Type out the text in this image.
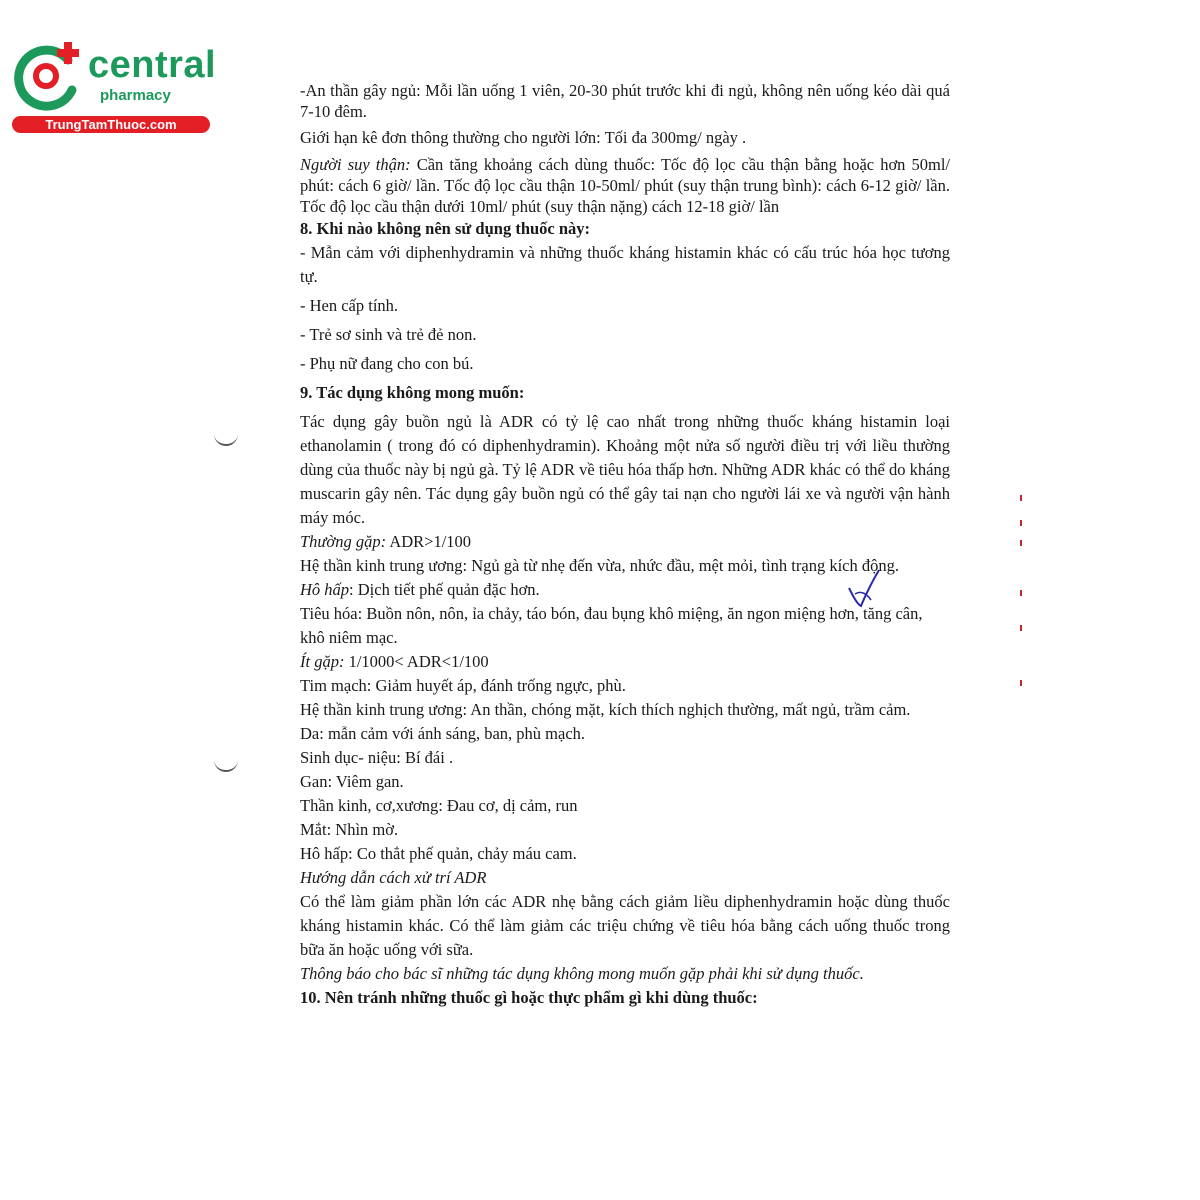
central
pharmacy
TrungTamThuoc.com

-An thần gây ngủ: Mỗi lần uống 1 viên, 20-30 phút trước khi đi ngủ, không nên uống kéo dài quá 7-10 đêm.

Giới hạn kê đơn thông thường cho người lớn: Tối đa 300mg/ ngày .

Người suy thận: Cần tăng khoảng cách dùng thuốc: Tốc độ lọc cầu thận bằng hoặc hơn 50ml/ phút: cách 6 giờ/ lần. Tốc độ lọc cầu thận 10-50ml/ phút (suy thận trung bình): cách 6-12 giờ/ lần. Tốc độ lọc cầu thận dưới 10ml/ phút (suy thận nặng) cách 12-18 giờ/ lần

8. Khi nào không nên sử dụng thuốc này:

- Mẫn cảm với diphenhydramin và những thuốc kháng histamin khác có cấu trúc hóa học tương tự.

- Hen cấp tính.

- Trẻ sơ sinh và trẻ đẻ non.

- Phụ nữ đang cho con bú.

9. Tác dụng không mong muốn:

Tác dụng gây buồn ngủ là ADR có tỷ lệ cao nhất trong những thuốc kháng histamin loại ethanolamin ( trong đó có diphenhydramin). Khoảng một nửa số người điều trị với liều thường dùng của thuốc này bị ngủ gà. Tỷ lệ ADR về tiêu hóa thấp hơn. Những ADR khác có thể do kháng muscarin gây nên. Tác dụng gây buồn ngủ có thể gây tai nạn cho người lái xe và người vận hành máy móc.

Thường gặp: ADR>1/100

Hệ thần kinh trung ương: Ngủ gà từ nhẹ đến vừa, nhức đầu, mệt mỏi, tình trạng kích động.

Hô hấp: Dịch tiết phế quản đặc hơn.

Tiêu hóa: Buồn nôn, nôn, ỉa chảy, táo bón, đau bụng khô miệng, ăn ngon miệng hơn, tăng cân, khô niêm mạc.

Ít gặp: 1/1000< ADR<1/100

Tim mạch: Giảm huyết áp, đánh trống ngực, phù.

Hệ thần kinh trung ương: An thần, chóng mặt, kích thích nghịch thường, mất ngủ, trầm cảm.

Da: mẫn cảm với ánh sáng, ban, phù mạch.

Sinh dục- niệu: Bí đái .

Gan: Viêm gan.

Thần kinh, cơ,xương: Đau cơ, dị cảm, run

Mắt: Nhìn mờ.

Hô hấp: Co thắt phế quản, chảy máu cam.

Hướng dẫn cách xử trí ADR

Có thể làm giảm phần lớn các ADR nhẹ bằng cách giảm liều diphenhydramin hoặc dùng thuốc kháng histamin khác. Có thể làm giảm các triệu chứng về tiêu hóa bằng cách uống thuốc trong bữa ăn hoặc uống với sữa.

Thông báo cho bác sĩ những tác dụng không mong muốn gặp phải khi sử dụng thuốc.

10. Nên tránh những thuốc gì hoặc thực phẩm gì khi dùng thuốc:
